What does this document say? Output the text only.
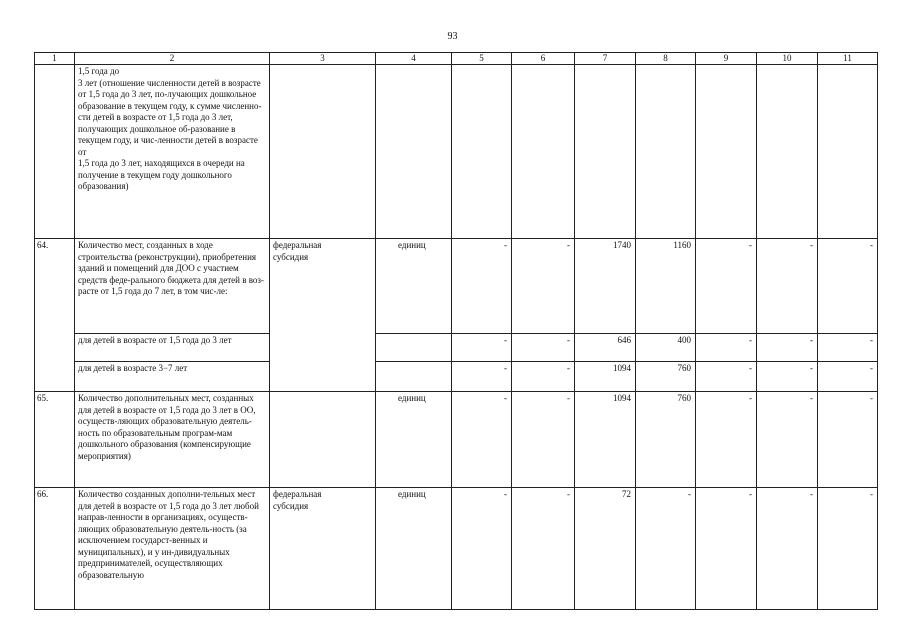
93
1	2	3	4	5	6	7	8	9	10	11
	1,5 года до
3 лет (отношение численности детей в возрасте от 1,5 года до 3 лет, по-лучающих дошкольное образование в текущем году, к сумме численно-сти детей в возрасте от 1,5 года до 3 лет, получающих дошкольное об-разование в текущем году, и чис-ленности детей в возрасте от
1,5 года до 3 лет, находящихся в очереди на получение в текущем году дошкольного образования)									
64.	Количество мест, созданных в ходе строительства (реконструкции), приобретения зданий и помещений для ДОО с участием средств феде-рального бюджета для детей в воз-расте от 1,5 года до 7 лет, в том чис-ле:	федеральная
субсидия	единиц	-	-	1740	1160	-	-	-
	для детей в возрасте от 1,5 года до 3 лет			-	-	646	400	-	-	-
	для детей в возрасте 3−7 лет			-	-	1094	760	-	-	-
65.	Количество дополнительных мест, созданных для детей в возрасте от 1,5 года до 3 лет в ОО, осуществ-ляющих образовательную деятель-ность по образовательным програм-мам дошкольного образования (компенсирующие мероприятия)		единиц	-	-	1094	760	-	-	-
66.	Количество созданных дополни-тельных мест для детей в возрасте от 1,5 года до 3 лет любой направ-ленности в организациях, осуществ-ляющих образовательную деятель-ность (за исключением государст-венных и муниципальных), и у ин-дивидуальных предпринимателей, осуществляющих образовательную	федеральная
субсидия	единиц	-	-	72	-	-	-	-
